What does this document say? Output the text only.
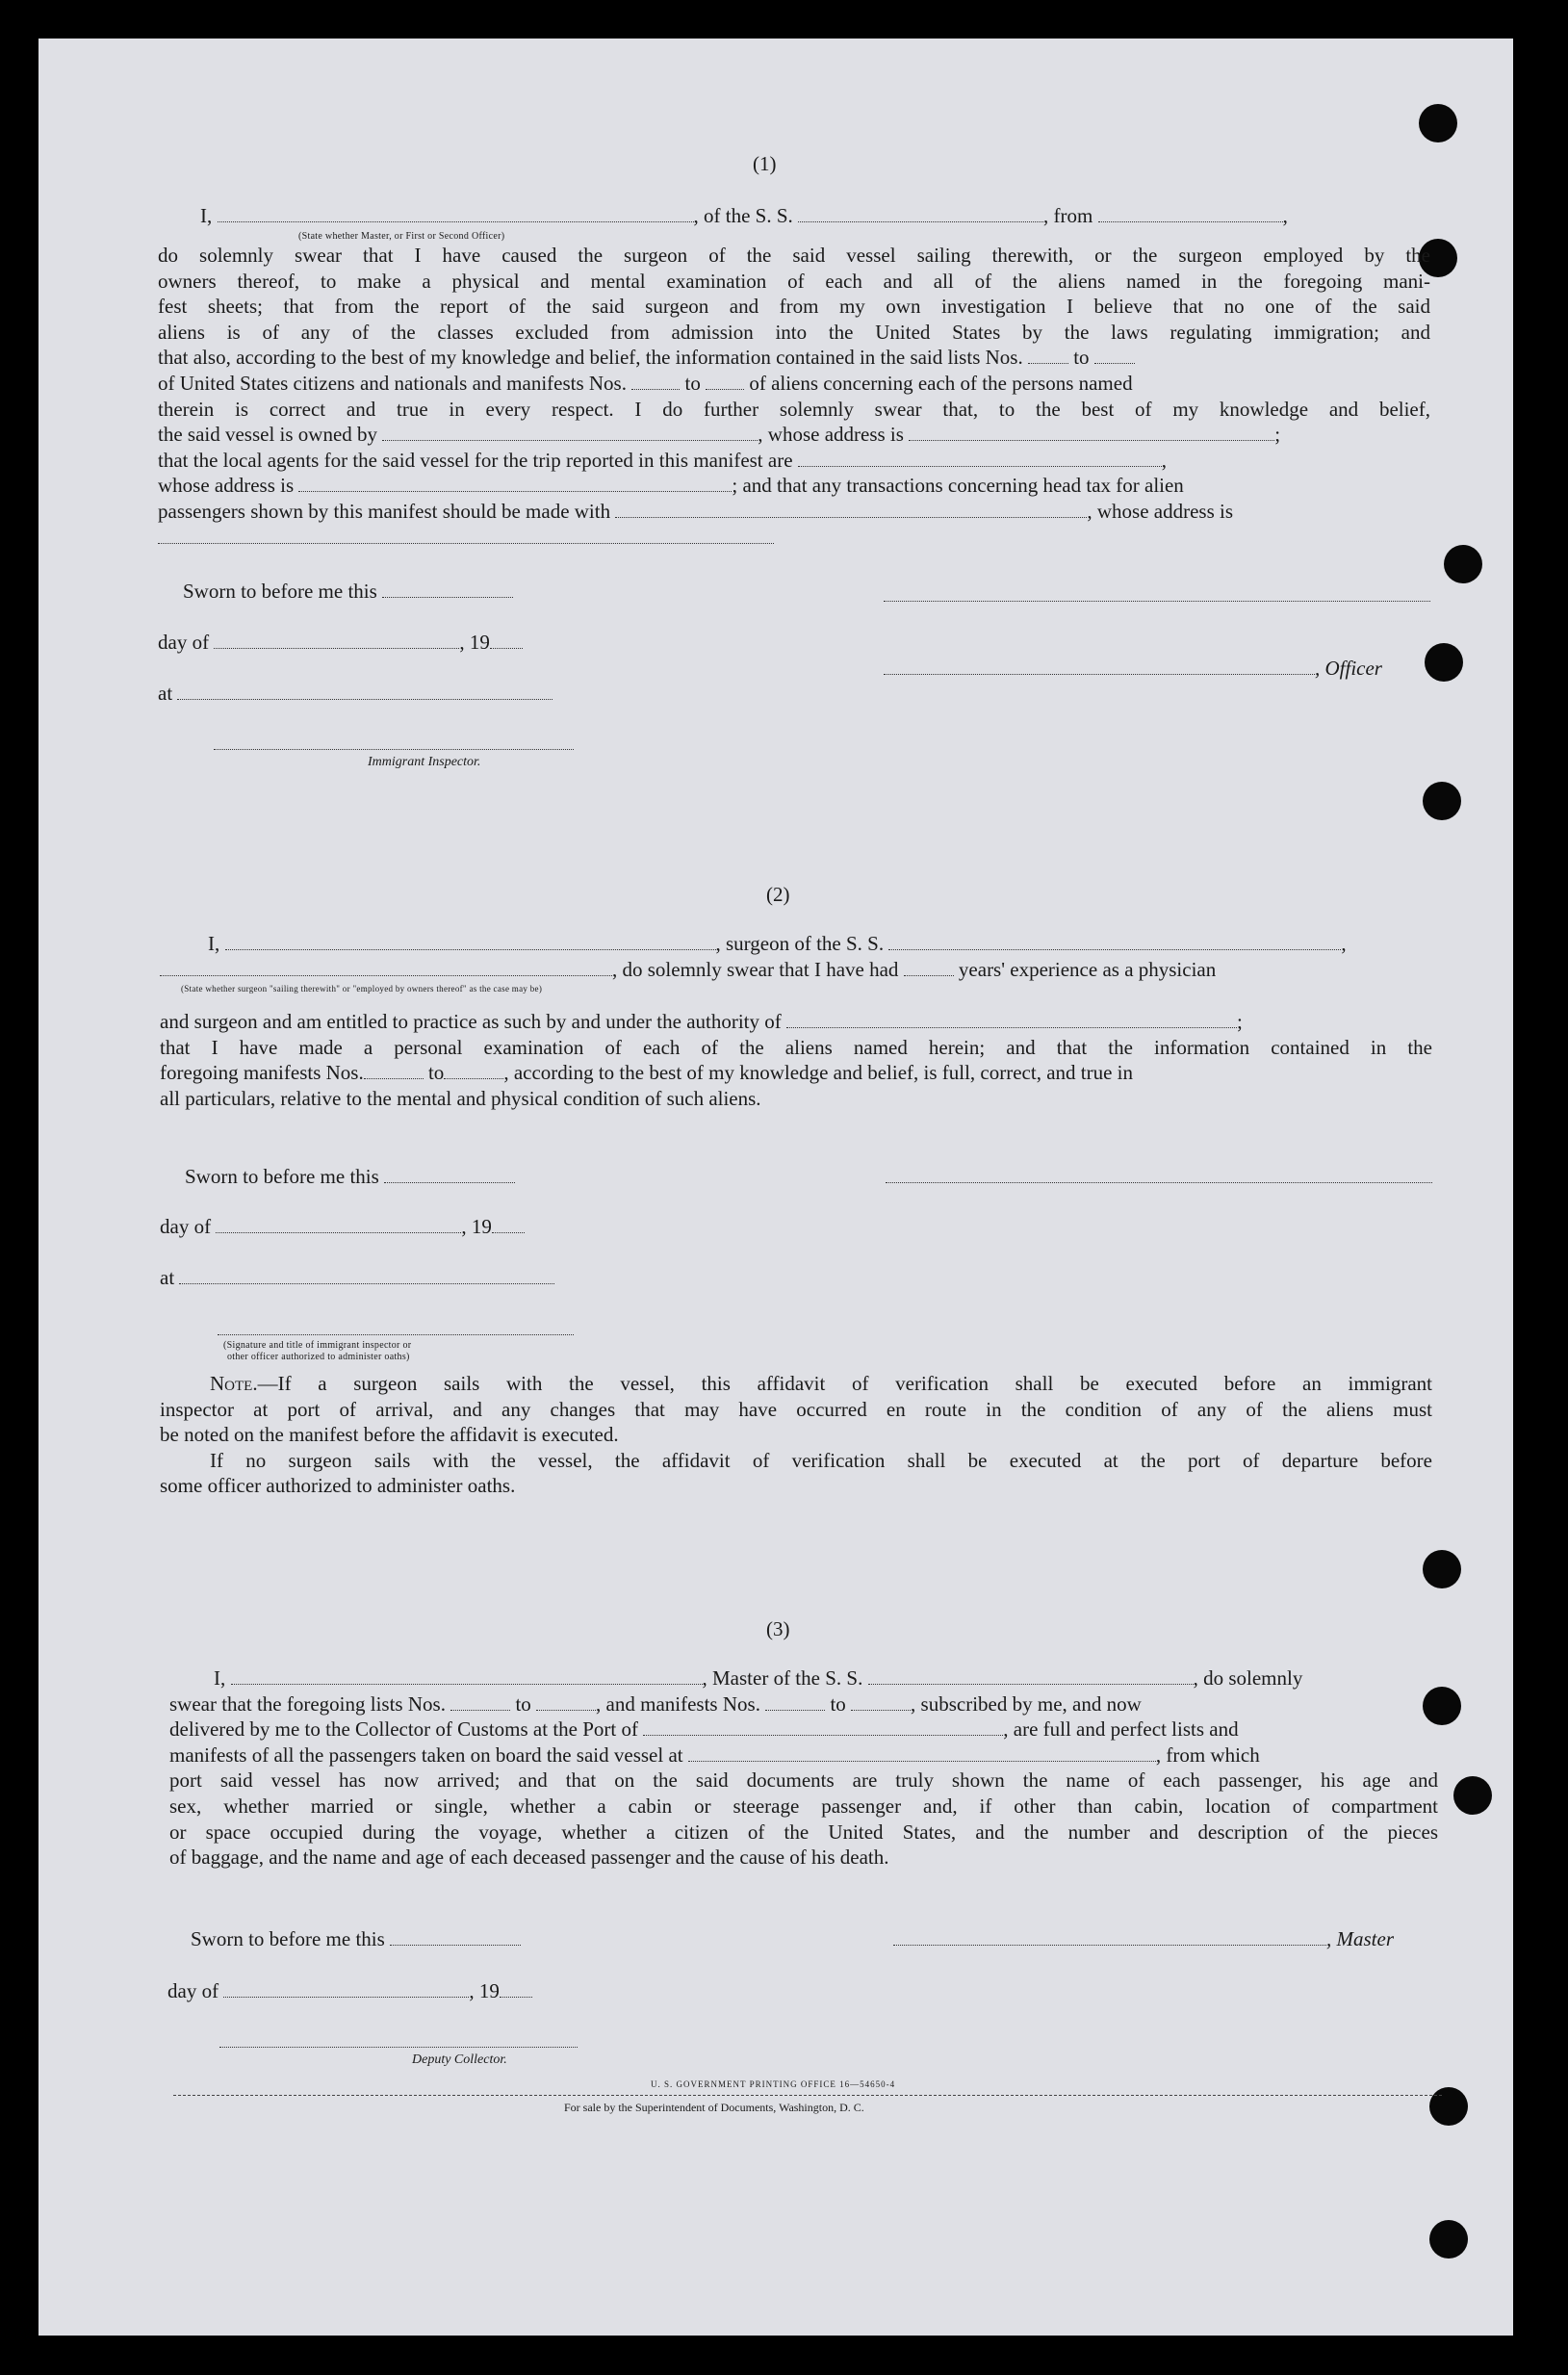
(1)
I,	, of the S. S.	, from	,
(State whether Master, or First or Second Officer)
do solemnly swear that I have caused the surgeon of the said vessel sailing therewith, or the surgeon employed by the
owners thereof, to make a physical and mental examination of each and all of the aliens named in the foregoing mani-
fest sheets; that from the report of the said surgeon and from my own investigation I believe that no one of the said
aliens is of any of the classes excluded from admission into the United States by the laws regulating immigration; and
that also, according to the best of my knowledge and belief, the information contained in the said lists Nos.	to
of United States citizens and nationals and manifests Nos.	to of aliens concerning each of the persons named
therein is correct and true in every respect. I do further solemnly swear that, to the best of my knowledge and belief,
the said vessel is owned by	, whose address is	;
that the local agents for the said vessel for the trip reported in this manifest are	,
whose address is	; and that any transactions concerning head tax for alien
passengers shown by this manifest should be made with	, whose address is
Sworn to before me this
day of	, 19
, Officer
at
Immigrant Inspector.
(2)
I,	, surgeon of the S. S.	,
, do solemnly swear that I have had	years' experience as a physician
(State whether surgeon "sailing therewith" or "employed by owners thereof" as the case may be)
and surgeon and am entitled to practice as such by and under the authority of	;
that I have made a personal examination of each of the aliens named herein; and that the information contained in the
foregoing manifests Nos.	to	, according to the best of my knowledge and belief, is full, correct, and true in
all particulars, relative to the mental and physical condition of such aliens.
Sworn to before me this
day of	, 19
at
(Signature and title of immigrant inspector or
other officer authorized to administer oaths)
Note.—If a surgeon sails with the vessel, this affidavit of verification shall be executed before an immigrant
inspector at port of arrival, and any changes that may have occurred en route in the condition of any of the aliens must
be noted on the manifest before the affidavit is executed.
If no surgeon sails with the vessel, the affidavit of verification shall be executed at the port of departure before
some officer authorized to administer oaths.
(3)
I,	, Master of the S. S.	, do solemnly
swear that the foregoing lists Nos.	to	, and manifests Nos.	to	, subscribed by me, and now
delivered by me to the Collector of Customs at the Port of	, are full and perfect lists and
manifests of all the passengers taken on board the said vessel at	, from which
port said vessel has now arrived; and that on the said documents are truly shown the name of each passenger, his age and
sex, whether married or single, whether a cabin or steerage passenger and, if other than cabin, location of compartment
or space occupied during the voyage, whether a citizen of the United States, and the number and description of the pieces
of baggage, and the name and age of each deceased passenger and the cause of his death.
Sworn to before me this	, Master
day of	, 19
Deputy Collector.
U. S. GOVERNMENT PRINTING OFFICE 16—54650-4
For sale by the Superintendent of Documents, Washington, D. C.
